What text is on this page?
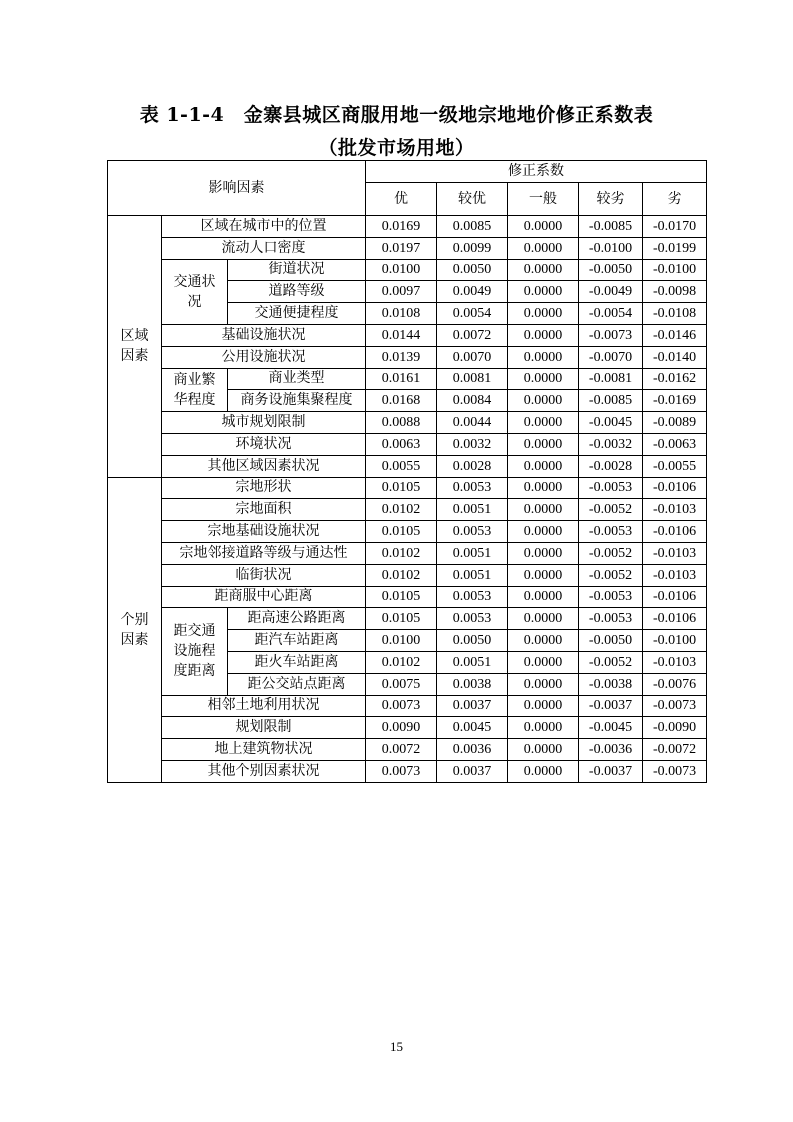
表 1-1-4　金寨县城区商服用地一级地宗地地价修正系数表
（批发市场用地）
影响因素			修正系数				
			优	较优	一般	较劣	劣
区域因素	区域在城市中的位置		0.0169	0.0085	0.0000	-0.0085	-0.0170
	流动人口密度		0.0197	0.0099	0.0000	-0.0100	-0.0199
	交通状况	街道状况	0.0100	0.0050	0.0000	-0.0050	-0.0100
		道路等级	0.0097	0.0049	0.0000	-0.0049	-0.0098
		交通便捷程度	0.0108	0.0054	0.0000	-0.0054	-0.0108
	基础设施状况		0.0144	0.0072	0.0000	-0.0073	-0.0146
	公用设施状况		0.0139	0.0070	0.0000	-0.0070	-0.0140
	商业繁华程度	商业类型	0.0161	0.0081	0.0000	-0.0081	-0.0162
		商务设施集聚程度	0.0168	0.0084	0.0000	-0.0085	-0.0169
	城市规划限制		0.0088	0.0044	0.0000	-0.0045	-0.0089
	环境状况		0.0063	0.0032	0.0000	-0.0032	-0.0063
	其他区域因素状况		0.0055	0.0028	0.0000	-0.0028	-0.0055
个别因素	宗地形状		0.0105	0.0053	0.0000	-0.0053	-0.0106
	宗地面积		0.0102	0.0051	0.0000	-0.0052	-0.0103
	宗地基础设施状况		0.0105	0.0053	0.0000	-0.0053	-0.0106
	宗地邻接道路等级与通达性		0.0102	0.0051	0.0000	-0.0052	-0.0103
	临街状况		0.0102	0.0051	0.0000	-0.0052	-0.0103
	距商服中心距离		0.0105	0.0053	0.0000	-0.0053	-0.0106
	距交通设施程度距离	距高速公路距离	0.0105	0.0053	0.0000	-0.0053	-0.0106
		距汽车站距离	0.0100	0.0050	0.0000	-0.0050	-0.0100
		距火车站距离	0.0102	0.0051	0.0000	-0.0052	-0.0103
		距公交站点距离	0.0075	0.0038	0.0000	-0.0038	-0.0076
	相邻土地利用状况		0.0073	0.0037	0.0000	-0.0037	-0.0073
	规划限制		0.0090	0.0045	0.0000	-0.0045	-0.0090
	地上建筑物状况		0.0072	0.0036	0.0000	-0.0036	-0.0072
	其他个别因素状况		0.0073	0.0037	0.0000	-0.0037	-0.0073
15
